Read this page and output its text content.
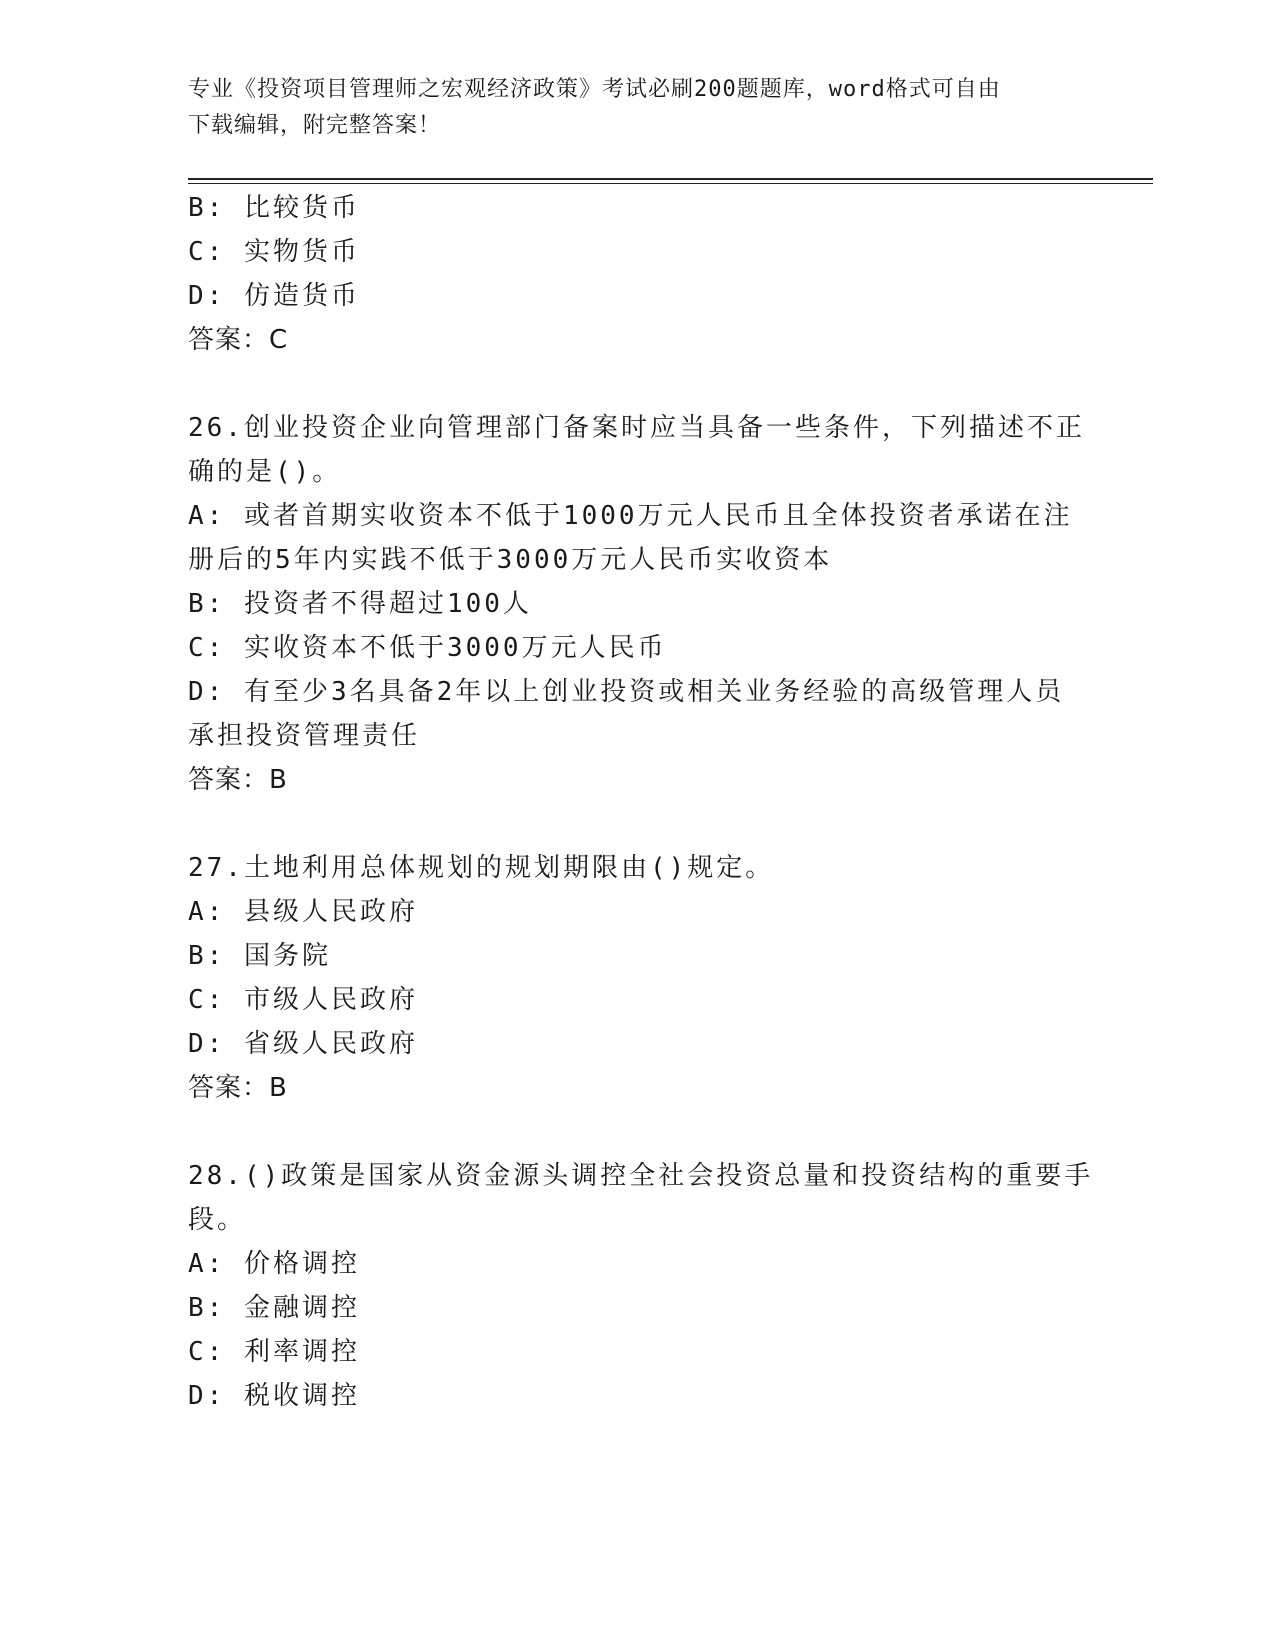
专业《投资项目管理师之宏观经济政策》考试必刷200题题库，word格式可自由
下载编辑，附完整答案！
B: 比较货币
C: 实物货币
D: 仿造货币
答案：C
26.创业投资企业向管理部门备案时应当具备一些条件，下列描述不正
确的是()。
A: 或者首期实收资本不低于1000万元人民币且全体投资者承诺在注
册后的5年内实践不低于3000万元人民币实收资本
B: 投资者不得超过100人
C: 实收资本不低于3000万元人民币
D: 有至少3名具备2年以上创业投资或相关业务经验的高级管理人员
承担投资管理责任
答案：B
27.土地利用总体规划的规划期限由()规定。
A: 县级人民政府
B: 国务院
C: 市级人民政府
D: 省级人民政府
答案：B
28.()政策是国家从资金源头调控全社会投资总量和投资结构的重要手
段。
A: 价格调控
B: 金融调控
C: 利率调控
D: 税收调控
